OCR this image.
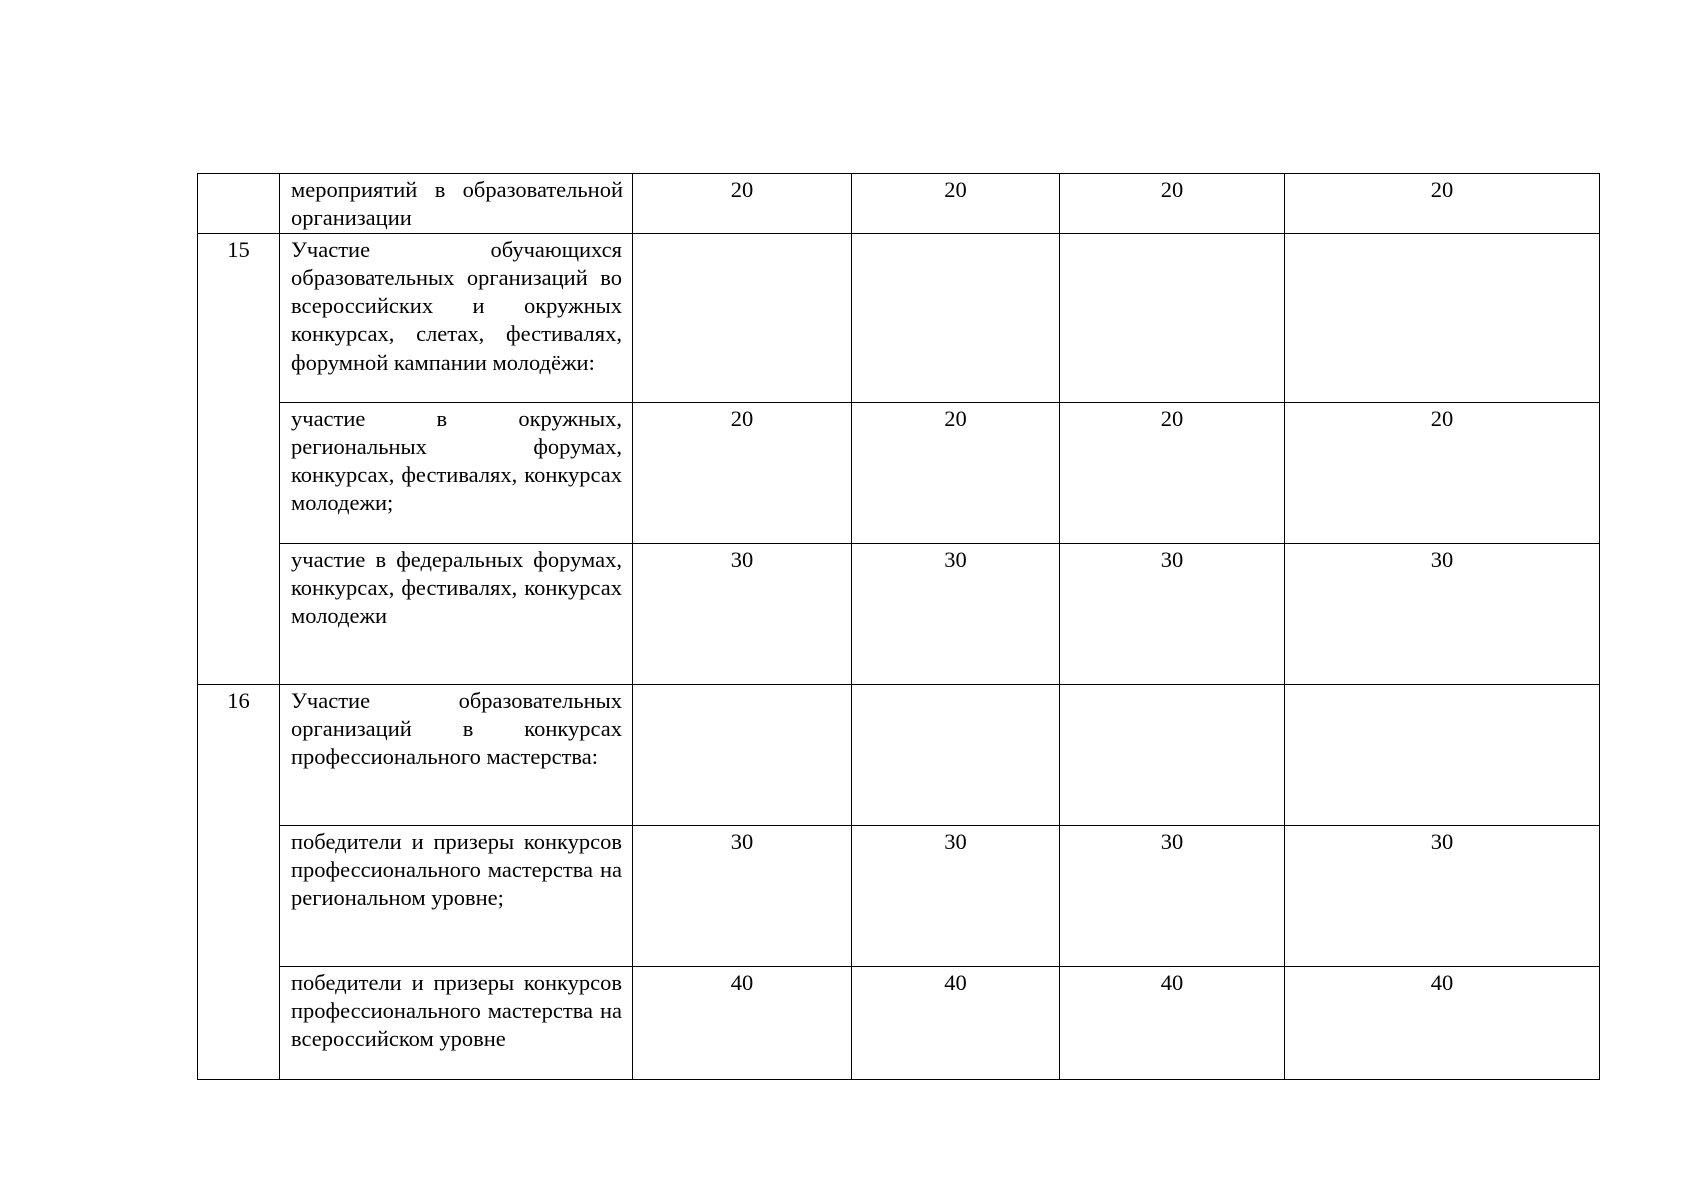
	мероприятий в образовательной организации	20	20	20	20
15	Участие обучающихся образовательных организаций во всероссийских и окружных конкурсах, слетах, фестивалях, форумной кампании молодёжи:				
	участие в окружных, региональных форумах, конкурсах, фестивалях, конкурсах молодежи;	20	20	20	20
	участие в федеральных форумах, конкурсах, фестивалях, конкурсах молодежи	30	30	30	30
16	Участие образовательных организаций в конкурсах профессионального мастерства:				
	победители и призеры конкурсов профессионального мастерства на региональном уровне;	30	30	30	30
	победители и призеры конкурсов профессионального мастерства на всероссийском уровне	40	40	40	40
